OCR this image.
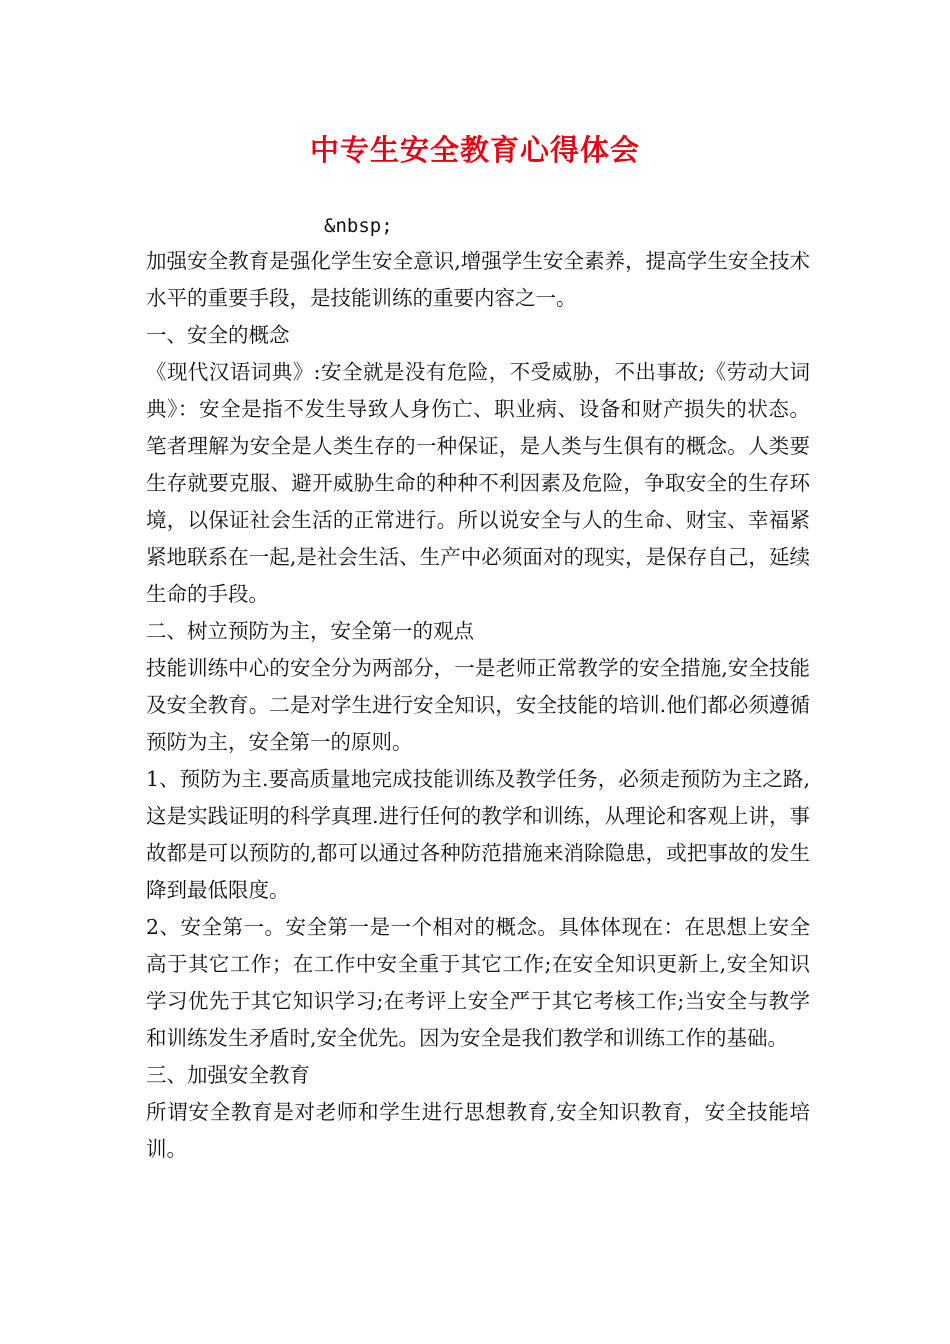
中专生安全教育心得体会
&nbsp;

加强安全教育是强化学生安全意识,增强学生安全素养，提高学生安全技术水平的重要手段，是技能训练的重要内容之一。

一、安全的概念

《现代汉语词典》:安全就是没有危险，不受威胁，不出事故;《劳动大词典》：安全是指不发生导致人身伤亡、职业病、设备和财产损失的状态。笔者理解为安全是人类生存的一种保证，是人类与生俱有的概念。人类要生存就要克服、避开威胁生命的种种不利因素及危险，争取安全的生存环境，以保证社会生活的正常进行。所以说安全与人的生命、财宝、幸福紧紧地联系在一起,是社会生活、生产中必须面对的现实，是保存自己，延续生命的手段。

二、树立预防为主，安全第一的观点

技能训练中心的安全分为两部分，一是老师正常教学的安全措施,安全技能及安全教育。二是对学生进行安全知识，安全技能的培训.他们都必须遵循预防为主，安全第一的原则。

1、预防为主.要高质量地完成技能训练及教学任务，必须走预防为主之路,这是实践证明的科学真理.进行任何的教学和训练，从理论和客观上讲，事故都是可以预防的,都可以通过各种防范措施来消除隐患，或把事故的发生降到最低限度。

2、安全第一。安全第一是一个相对的概念。具体体现在：在思想上安全高于其它工作；在工作中安全重于其它工作;在安全知识更新上,安全知识学习优先于其它知识学习;在考评上安全严于其它考核工作;当安全与教学和训练发生矛盾时,安全优先。因为安全是我们教学和训练工作的基础。

三、加强安全教育

所谓安全教育是对老师和学生进行思想教育,安全知识教育，安全技能培训。
